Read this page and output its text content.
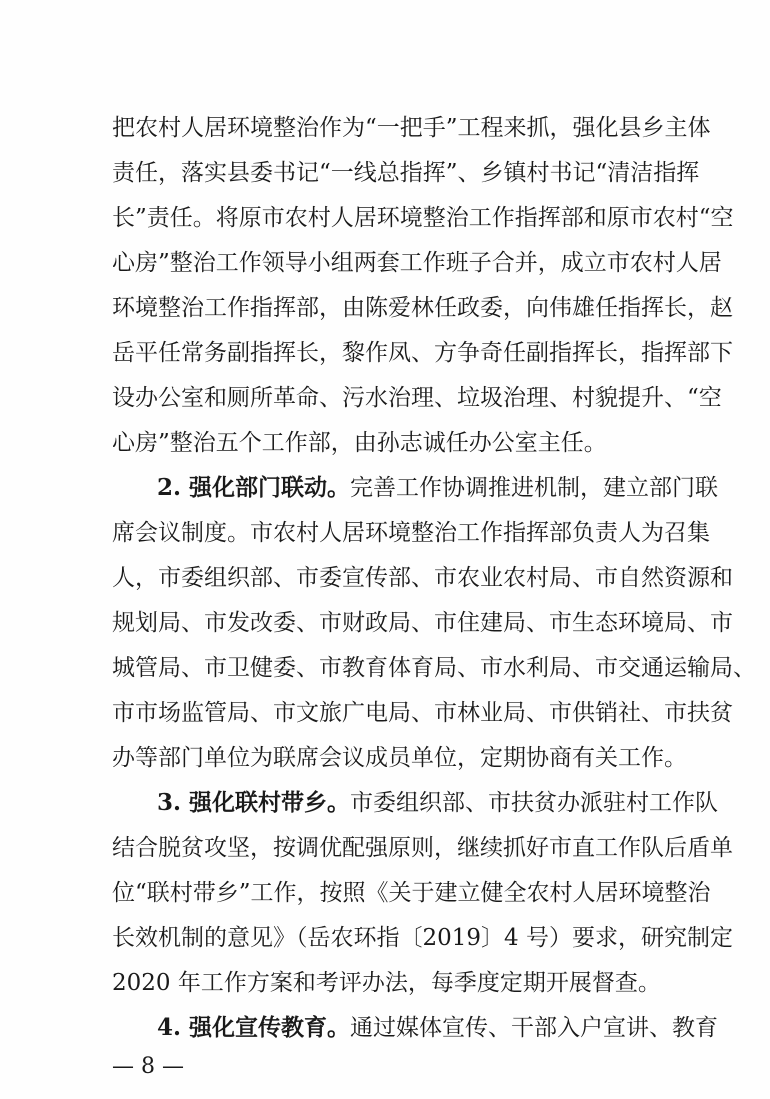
把农村人居环境整治作为“一把手”工程来抓，强化县乡主体
责任，落实县委书记“一线总指挥”、乡镇村书记“清洁指挥
长”责任。将原市农村人居环境整治工作指挥部和原市农村“空
心房”整治工作领导小组两套工作班子合并，成立市农村人居
环境整治工作指挥部，由陈爱林任政委，向伟雄任指挥长，赵
岳平任常务副指挥长，黎作凤、方争奇任副指挥长，指挥部下
设办公室和厕所革命、污水治理、垃圾治理、村貌提升、“空
心房”整治五个工作部，由孙志诚任办公室主任。
2. 强化部门联动。完善工作协调推进机制，建立部门联
席会议制度。市农村人居环境整治工作指挥部负责人为召集
人，市委组织部、市委宣传部、市农业农村局、市自然资源和
规划局、市发改委、市财政局、市住建局、市生态环境局、市
城管局、市卫健委、市教育体育局、市水利局、市交通运输局、
市市场监管局、市文旅广电局、市林业局、市供销社、市扶贫
办等部门单位为联席会议成员单位，定期协商有关工作。
3. 强化联村带乡。市委组织部、市扶贫办派驻村工作队
结合脱贫攻坚，按调优配强原则，继续抓好市直工作队后盾单
位“联村带乡”工作，按照《关于建立健全农村人居环境整治
长效机制的意见》（岳农环指〔2019〕4 号）要求，研究制定
2020 年工作方案和考评办法，每季度定期开展督查。
4. 强化宣传教育。通过媒体宣传、干部入户宣讲、教育
— 8 —
